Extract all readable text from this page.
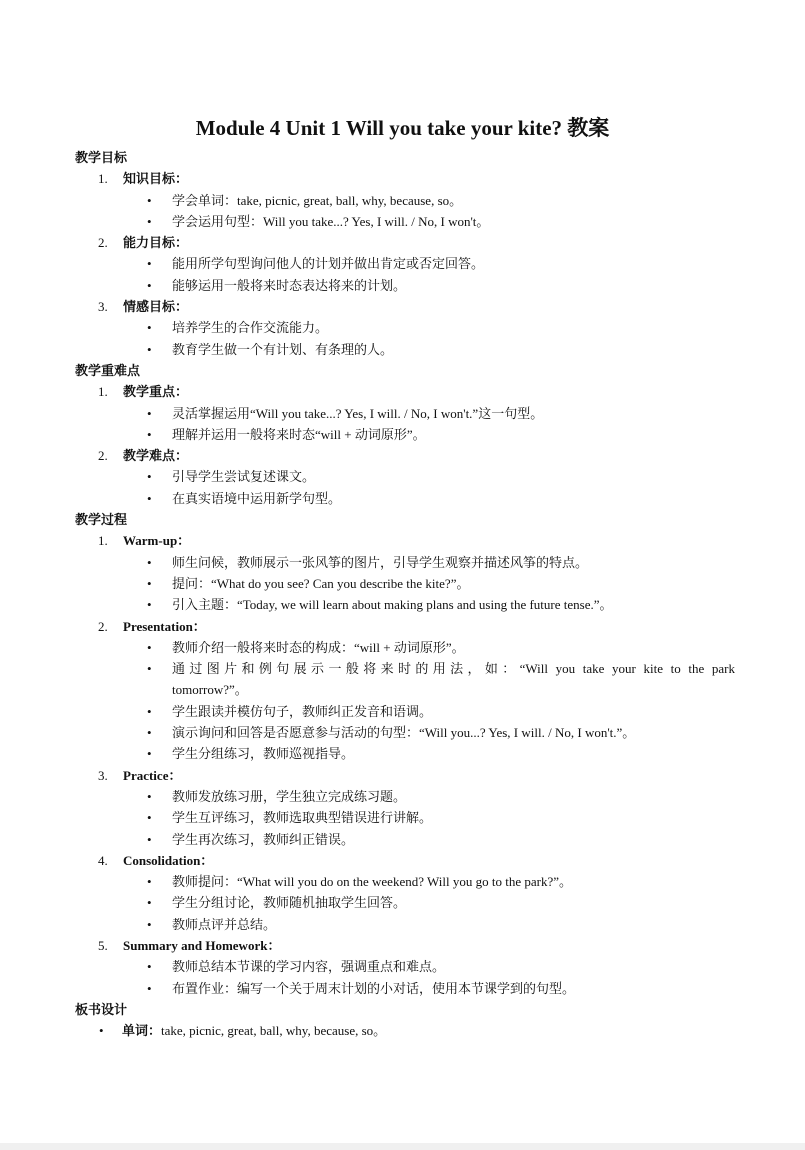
Module 4 Unit 1 Will you take your kite? 教案
教学目标
1. 知识目标：
• 学会单词：take, picnic, great, ball, why, because, so。
• 学会运用句型：Will you take...? Yes, I will. / No, I won't。
2. 能力目标：
• 能用所学句型询问他人的计划并做出肯定或否定回答。
• 能够运用一般将来时态表达将来的计划。
3. 情感目标：
• 培养学生的合作交流能力。
• 教育学生做一个有计划、有条理的人。
教学重难点
1. 教学重点：
• 灵活掌握运用“Will you take...? Yes, I will. / No, I won't.”这一句型。
• 理解并运用一般将来时态“will + 动词原形”。
2. 教学难点：
• 引导学生尝试复述课文。
• 在真实语境中运用新学句型。
教学过程
1. Warm-up：
• 师生问候，教师展示一张风筝的图片，引导学生观察并描述风筝的特点。
• 提问：“What do you see? Can you describe the kite?”。
• 引入主题：“Today, we will learn about making plans and using the future tense.”。
2. Presentation：
• 教师介绍一般将来时态的构成：“will + 动词原形”。
•	通过图片和例句展示一般将来时的用法，如：“Will you take your kite to the park
tomorrow?”。
• 学生跟读并模仿句子，教师纠正发音和语调。
• 演示询问和回答是否愿意参与活动的句型：“Will you...? Yes, I will. / No, I won't.”。
• 学生分组练习，教师巡视指导。
3. Practice：
• 教师发放练习册，学生独立完成练习题。
• 学生互评练习，教师选取典型错误进行讲解。
• 学生再次练习，教师纠正错误。
4. Consolidation：
• 教师提问：“What will you do on the weekend? Will you go to the park?”。
• 学生分组讨论，教师随机抽取学生回答。
• 教师点评并总结。
5. Summary and Homework：
• 教师总结本节课的学习内容，强调重点和难点。
• 布置作业：编写一个关于周末计划的小对话，使用本节课学到的句型。
板书设计
• 单词：take, picnic, great, ball, why, because, so。
